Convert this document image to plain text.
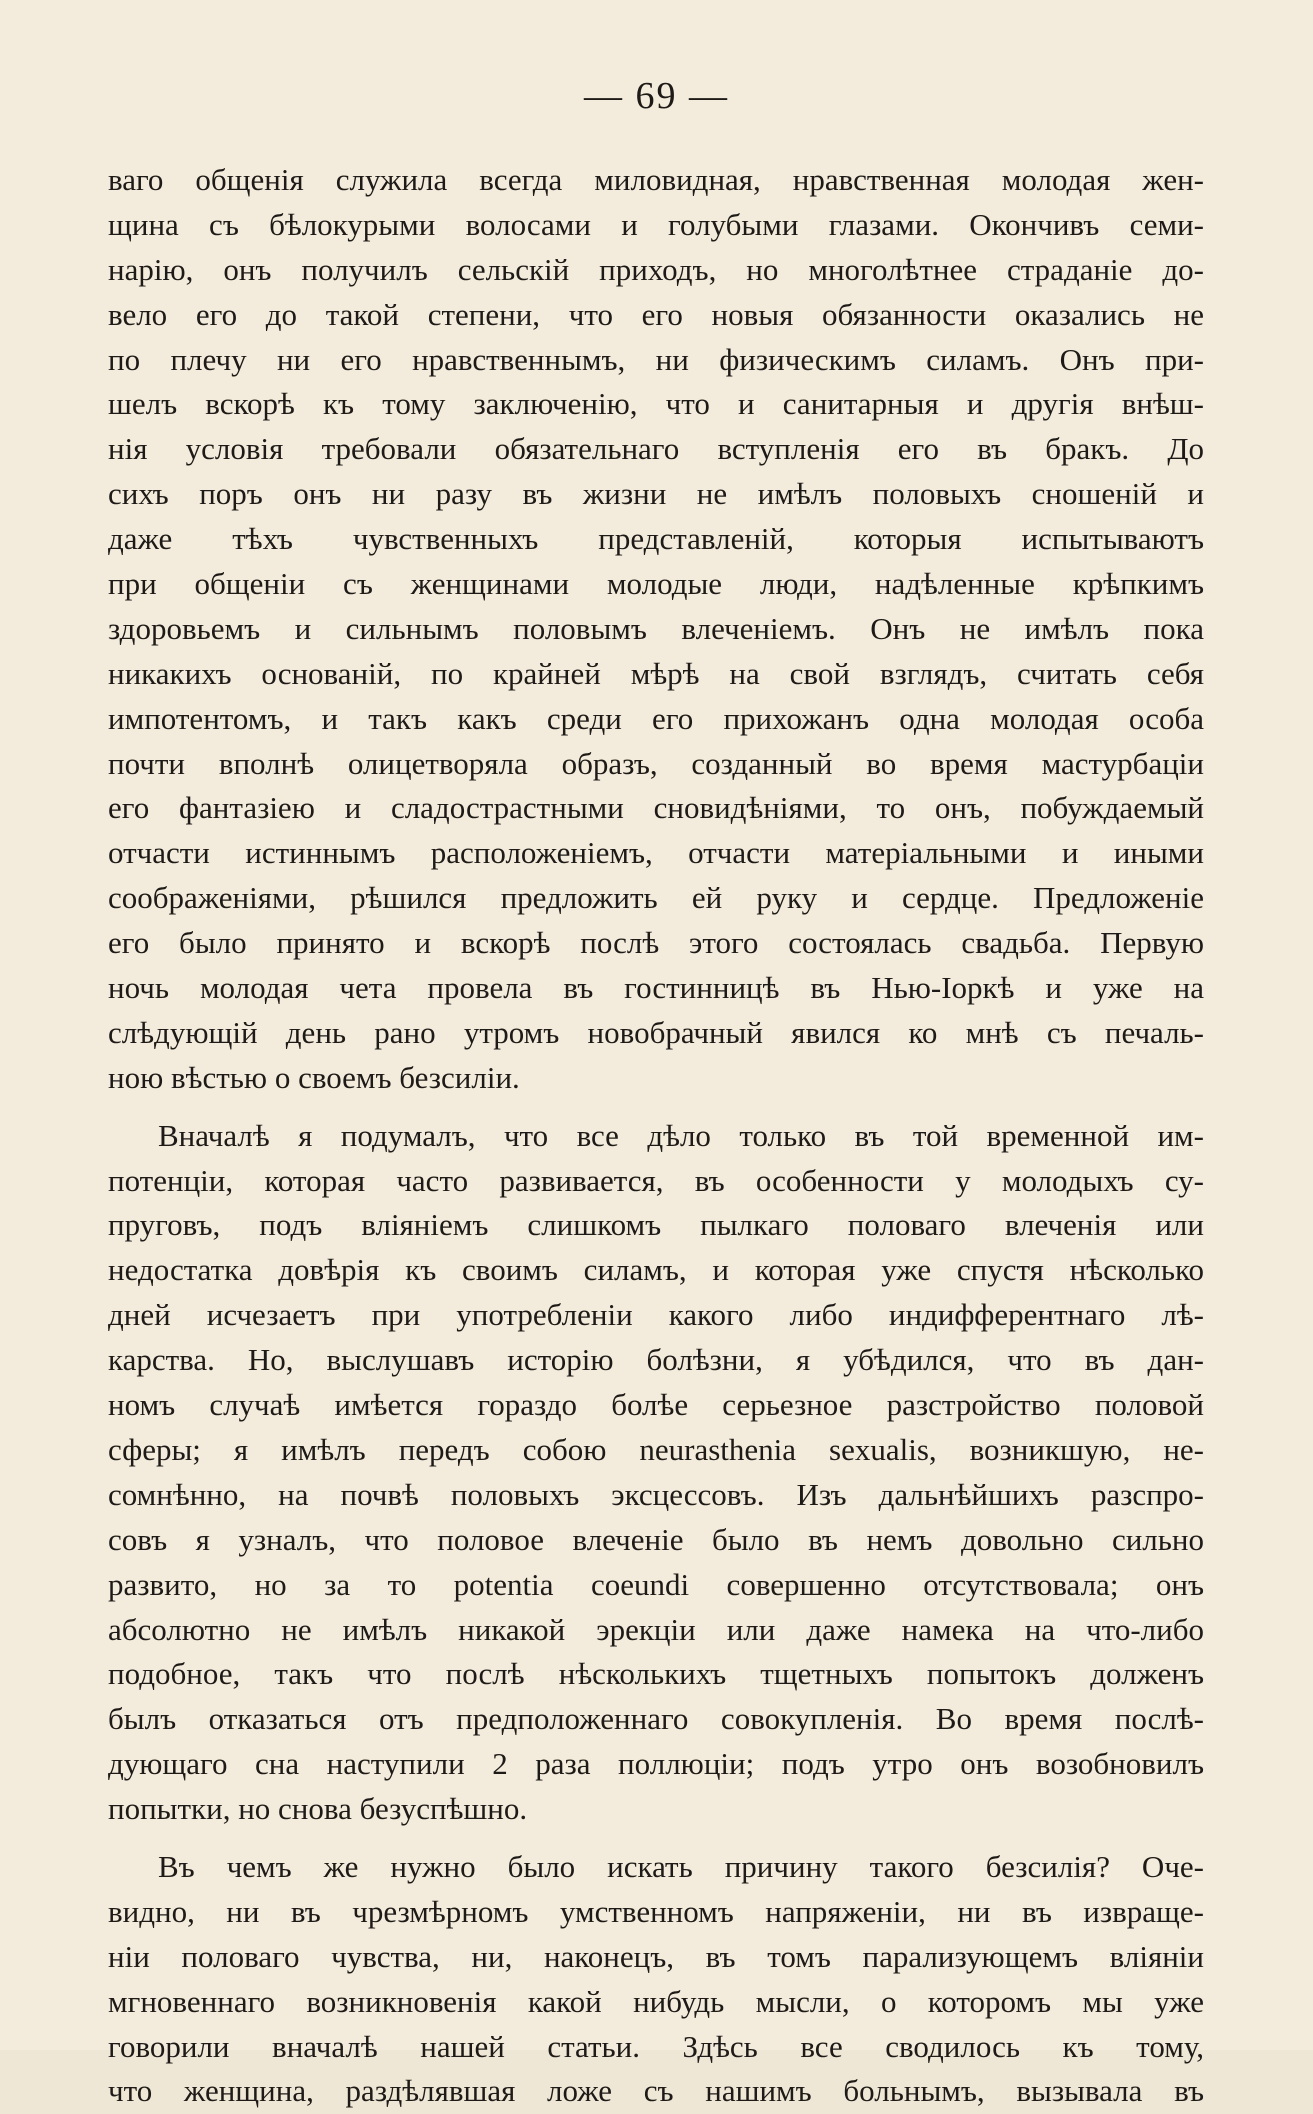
— 69 —
ваго общенія служила всегда миловидная, нравственная молодая жен-
щина съ бѣлокурыми волосами и голубыми глазами. Окончивъ семи-
нарію, онъ получилъ сельскій приходъ, но многолѣтнее страданіе до-
вело его до такой степени, что его новыя обязанности оказались не
по плечу ни его нравственнымъ, ни физическимъ силамъ. Онъ при-
шелъ вскорѣ къ тому заключенію, что и санитарныя и другія внѣш-
нія условія требовали обязательнаго вступленія его въ бракъ. До
сихъ поръ онъ ни разу въ жизни не имѣлъ половыхъ сношеній и
даже тѣхъ чувственныхъ представленій, которыя испытываютъ
при общеніи съ женщинами молодые люди, надѣленные крѣпкимъ
здоровьемъ и сильнымъ половымъ влеченіемъ. Онъ не имѣлъ пока
никакихъ основаній, по крайней мѣрѣ на свой взглядъ, считать себя
импотентомъ, и такъ какъ среди его прихожанъ одна молодая особа
почти вполнѣ олицетворяла образъ, созданный во время мастурбаціи
его фантазіею и сладострастными сновидѣніями, то онъ, побуждаемый
отчасти истиннымъ расположеніемъ, отчасти матеріальными и иными
соображеніями, рѣшился предложить ей руку и сердце. Предложеніе
его было принято и вскорѣ послѣ этого состоялась свадьба. Первую
ночь молодая чета провела въ гостинницѣ въ Нью-Іоркѣ и уже на
слѣдующій день рано утромъ новобрачный явился ко мнѣ съ печаль-
ною вѣстью о своемъ безсиліи.
Вначалѣ я подумалъ, что все дѣло только въ той временной им-
потенціи, которая часто развивается, въ особенности у молодыхъ су-
пруговъ, подъ вліяніемъ слишкомъ пылкаго половаго влеченія или
недостатка довѣрія къ своимъ силамъ, и которая уже спустя нѣсколько
дней исчезаетъ при употребленіи какого либо индифферентнаго лѣ-
карства. Но, выслушавъ исторію болѣзни, я убѣдился, что въ дан-
номъ случаѣ имѣется гораздо болѣе серьезное разстройство половой
сферы; я имѣлъ передъ собою neurasthenia sexualis, возникшую, не-
сомнѣнно, на почвѣ половыхъ эксцессовъ. Изъ дальнѣйшихъ разспро-
совъ я узналъ, что половое влеченіе было въ немъ довольно сильно
развито, но за то potentia coeundi совершенно отсутствовала; онъ
абсолютно не имѣлъ никакой эрекціи или даже намека на что-либо
подобное, такъ что послѣ нѣсколькихъ тщетныхъ попытокъ долженъ
былъ отказаться отъ предположеннаго совокупленія. Во время послѣ-
дующаго сна наступили 2 раза поллюціи; подъ утро онъ возобновилъ
попытки, но снова безуспѣшно.
Въ чемъ же нужно было искать причину такого безсилія? Оче-
видно, ни въ чрезмѣрномъ умственномъ напряженіи, ни въ извраще-
ніи половаго чувства, ни, наконецъ, въ томъ парализующемъ вліяніи
мгновеннаго возникновенія какой нибудь мысли, о которомъ мы уже
говорили вначалѣ нашей статьи. Здѣсь все сводилось къ тому,
что женщина, раздѣлявшая ложе съ нашимъ больнымъ, вызывала въ
